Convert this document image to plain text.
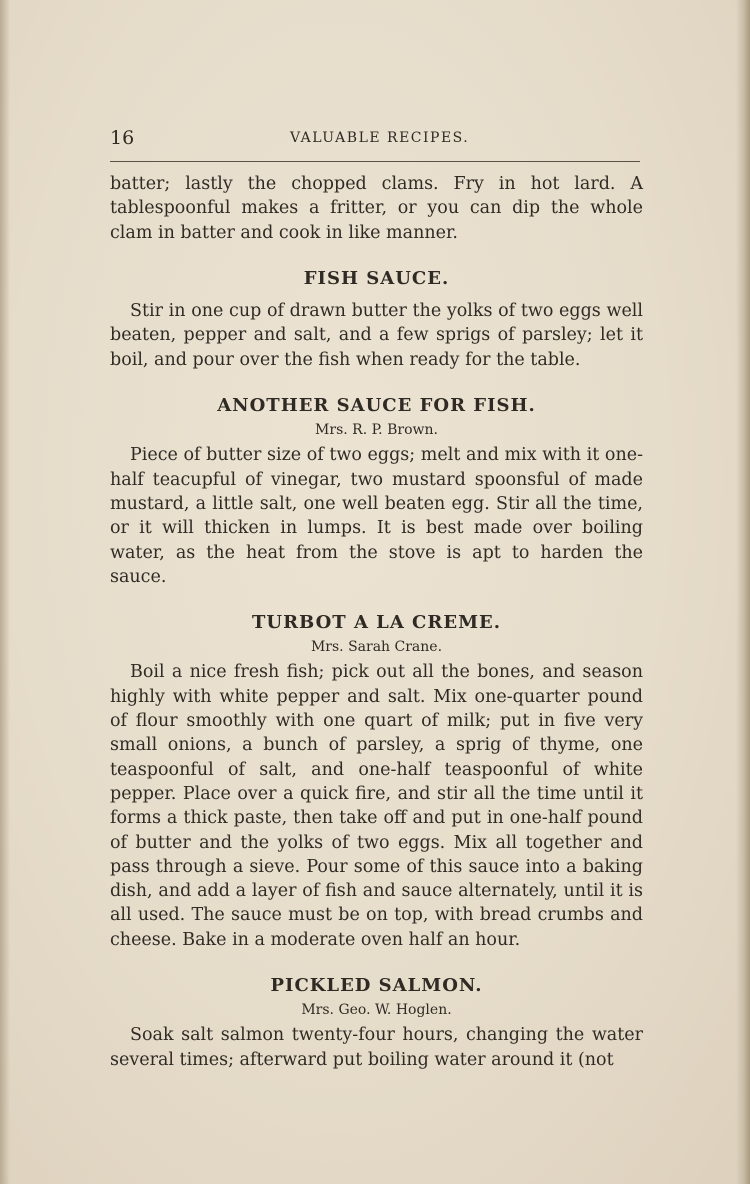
16	VALUABLE RECIPES.

batter; lastly the chopped clams. Fry in hot lard. A tablespoonful makes a fritter, or you can dip the whole clam in batter and cook in like manner.

FISH SAUCE.

Stir in one cup of drawn butter the yolks of two eggs well beaten, pepper and salt, and a few sprigs of parsley; let it boil, and pour over the fish when ready for the table.

ANOTHER SAUCE FOR FISH.
Mrs. R. P. Brown.

Piece of butter size of two eggs; melt and mix with it one-half teacupful of vinegar, two mustard spoonsful of made mustard, a little salt, one well beaten egg. Stir all the time, or it will thicken in lumps. It is best made over boiling water, as the heat from the stove is apt to harden the sauce.

TURBOT A LA CREME.
Mrs. Sarah Crane.

Boil a nice fresh fish; pick out all the bones, and season highly with white pepper and salt. Mix one-quarter pound of flour smoothly with one quart of milk; put in five very small onions, a bunch of parsley, a sprig of thyme, one teaspoonful of salt, and one-half teaspoonful of white pepper. Place over a quick fire, and stir all the time until it forms a thick paste, then take off and put in one-half pound of butter and the yolks of two eggs. Mix all together and pass through a sieve. Pour some of this sauce into a baking dish, and add a layer of fish and sauce alternately, until it is all used. The sauce must be on top, with bread crumbs and cheese. Bake in a moderate oven half an hour.

PICKLED SALMON.
Mrs. Geo. W. Hoglen.

Soak salt salmon twenty-four hours, changing the water several times; afterward put boiling water around it (not
